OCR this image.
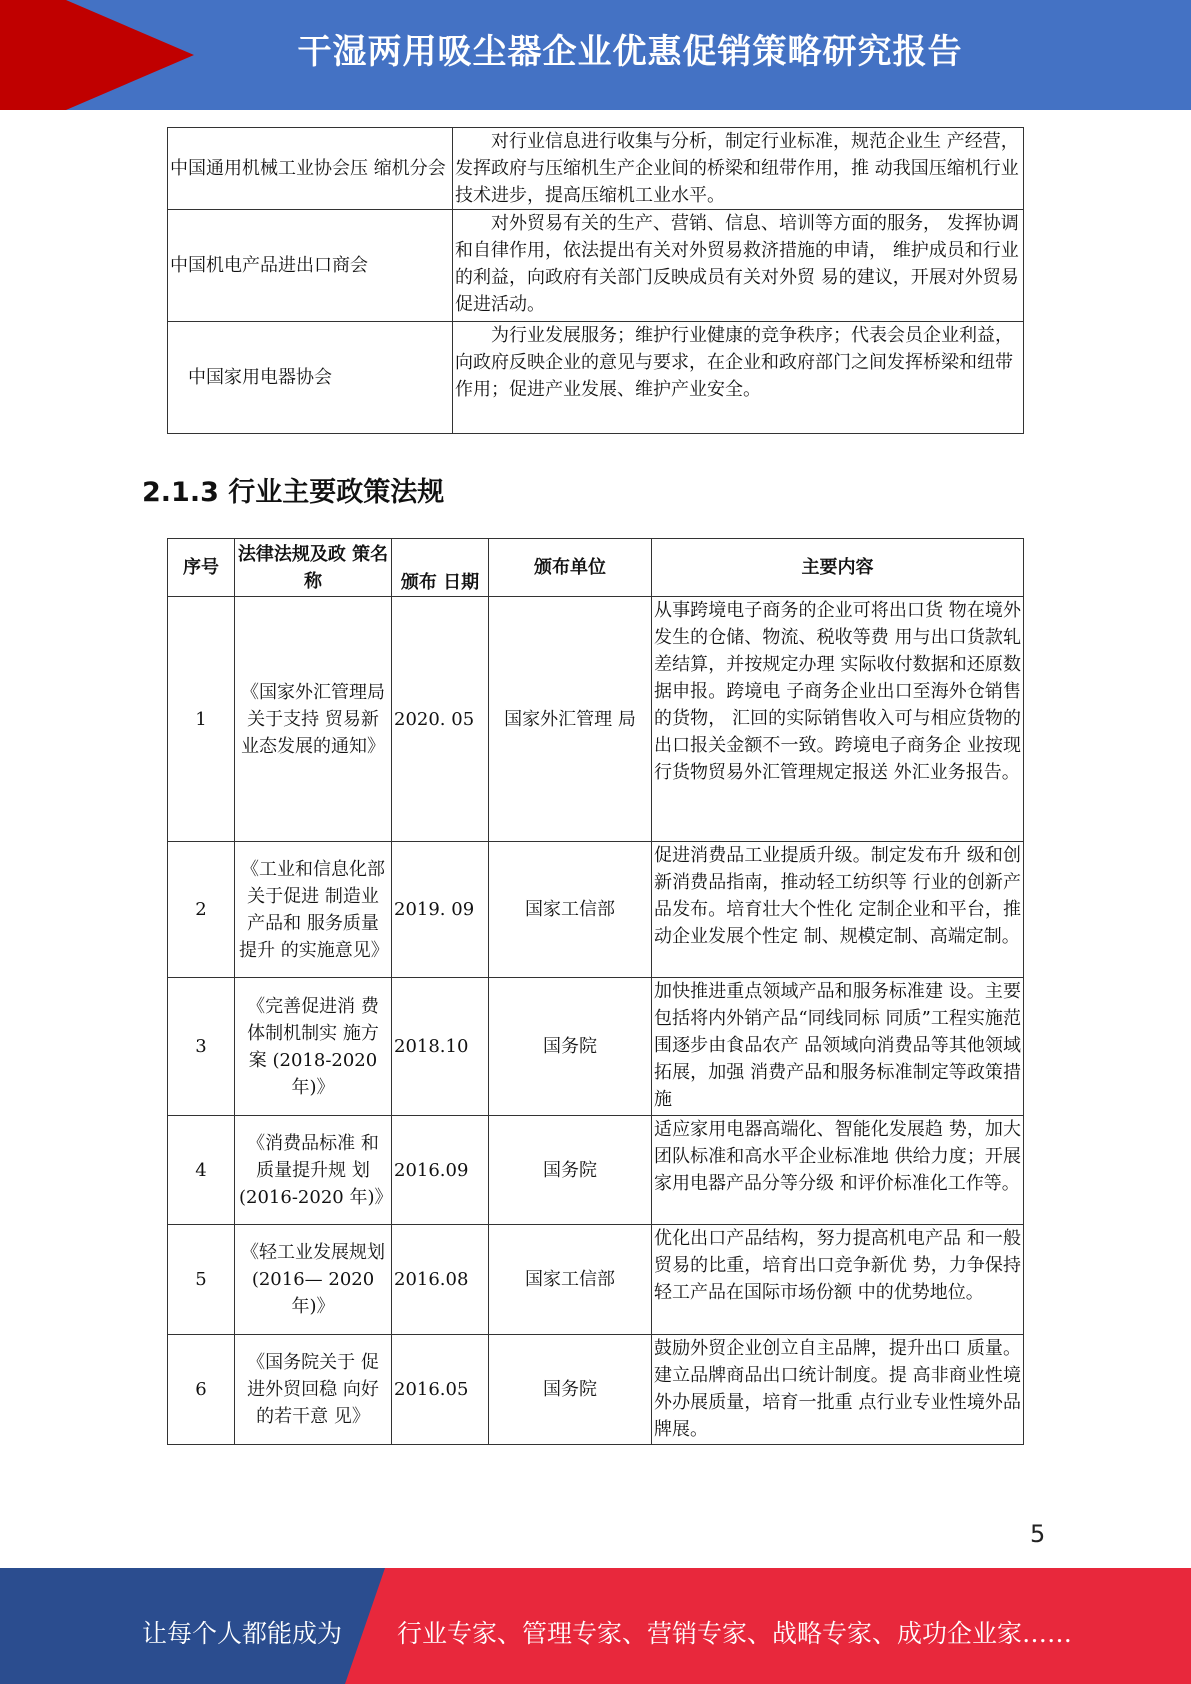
干湿两用吸尘器企业优惠促销策略研究报告
中国通用机械工业协会压 缩机分会	对行业信息进行收集与分析，制定行业标准，规范企业生 产经营，发挥政府与压缩机生产企业间的桥梁和纽带作用，推 动我国压缩机行业技术进步，提高压缩机工业水平。
中国机电产品进出口商会	对外贸易有关的生产、营销、信息、培训等方面的服务， 发挥协调和自律作用，依法提出有关对外贸易救济措施的申请， 维护成员和行业的利益，向政府有关部门反映成员有关对外贸 易的建议，开展对外贸易促进活动。
中国家用电器协会	为行业发展服务；维护行业健康的竞争秩序；代表会员企业利益，向政府反映企业的意见与要求，在企业和政府部门之间发挥桥梁和纽带作用；促进产业发展、维护产业安全。
2.1.3 行业主要政策法规
序号	法律法规及政 策名称	颁布 日期	颁布单位	主要内容
1	《国家外汇管理局关于支持 贸易新业态发展的通知》	2020. 05	国家外汇管理 局	从事跨境电子商务的企业可将出口货 物在境外发生的仓储、物流、税收等费 用与出口货款轧差结算，并按规定办理 实际收付数据和还原数据申报。跨境电 子商务企业出口至海外仓销售的货物， 汇回的实际销售收入可与相应货物的 出口报关金额不一致。跨境电子商务企 业按现行货物贸易外汇管理规定报送 外汇业务报告。
2	《工业和信息化部关于促进 制造业产品和 服务质量提升 的实施意见》	2019. 09	国家工信部	促进消费品工业提质升级。制定发布升 级和创新消费品指南，推动轻工纺织等 行业的创新产品发布。培育壮大个性化 定制企业和平台，推动企业发展个性定 制、规模定制、高端定制。
3	《完善促进消 费体制机制实 施方案 (2018-2020 年)》	2018.10	国务院	加快推进重点领域产品和服务标准建 设。主要包括将内外销产品“同线同标 同质”工程实施范围逐步由食品农产 品领域向消费品等其他领域拓展，加强 消费产品和服务标准制定等政策措施
4	《消费品标准 和质量提升规 划(2016-2020 年)》	2016.09	国务院	适应家用电器高端化、智能化发展趋 势，加大团队标准和高水平企业标准地 供给力度；开展家用电器产品分等分级 和评价标准化工作等。
5	《轻工业发展规划(2016— 2020 年)》	2016.08	国家工信部	优化出口产品结构，努力提高机电产品 和一般贸易的比重，培育出口竞争新优 势，力争保持轻工产品在国际市场份额 中的优势地位。
6	《国务院关于 促进外贸回稳 向好的若干意 见》	2016.05	国务院	鼓励外贸企业创立自主品牌，提升出口 质量。建立品牌商品出口统计制度。提 高非商业性境外办展质量，培育一批重 点行业专业性境外品牌展。
5
让每个人都能成为 行业专家、管理专家、营销专家、战略专家、成功企业家……
